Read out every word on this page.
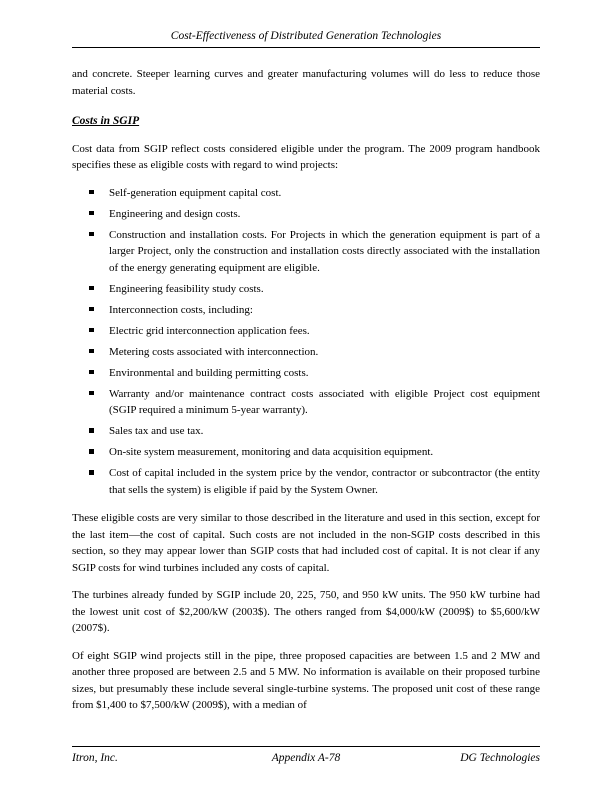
Cost-Effectiveness of Distributed Generation Technologies

and concrete. Steeper learning curves and greater manufacturing volumes will do less to reduce those material costs.

Costs in SGIP

Cost data from SGIP reflect costs considered eligible under the program. The 2009 program handbook specifies these as eligible costs with regard to wind projects:

Self-generation equipment capital cost.
Engineering and design costs.
Construction and installation costs. For Projects in which the generation equipment is part of a larger Project, only the construction and installation costs directly associated with the installation of the energy generating equipment are eligible.
Engineering feasibility study costs.
Interconnection costs, including:
Electric grid interconnection application fees.
Metering costs associated with interconnection.
Environmental and building permitting costs.
Warranty and/or maintenance contract costs associated with eligible Project cost equipment (SGIP required a minimum 5-year warranty).
Sales tax and use tax.
On-site system measurement, monitoring and data acquisition equipment.
Cost of capital included in the system price by the vendor, contractor or subcontractor (the entity that sells the system) is eligible if paid by the System Owner.

These eligible costs are very similar to those described in the literature and used in this section, except for the last item—the cost of capital. Such costs are not included in the non-SGIP costs described in this section, so they may appear lower than SGIP costs that had included cost of capital. It is not clear if any SGIP costs for wind turbines included any costs of capital.

The turbines already funded by SGIP include 20, 225, 750, and 950 kW units. The 950 kW turbine had the lowest unit cost of $2,200/kW (2003$). The others ranged from $4,000/kW (2009$) to $5,600/kW (2007$).

Of eight SGIP wind projects still in the pipe, three proposed capacities are between 1.5 and 2 MW and another three proposed are between 2.5 and 5 MW. No information is available on their proposed turbine sizes, but presumably these include several single-turbine systems. The proposed unit cost of these range from $1,400 to $7,500/kW (2009$), with a median of

Itron, Inc.	Appendix A-78	DG Technologies
